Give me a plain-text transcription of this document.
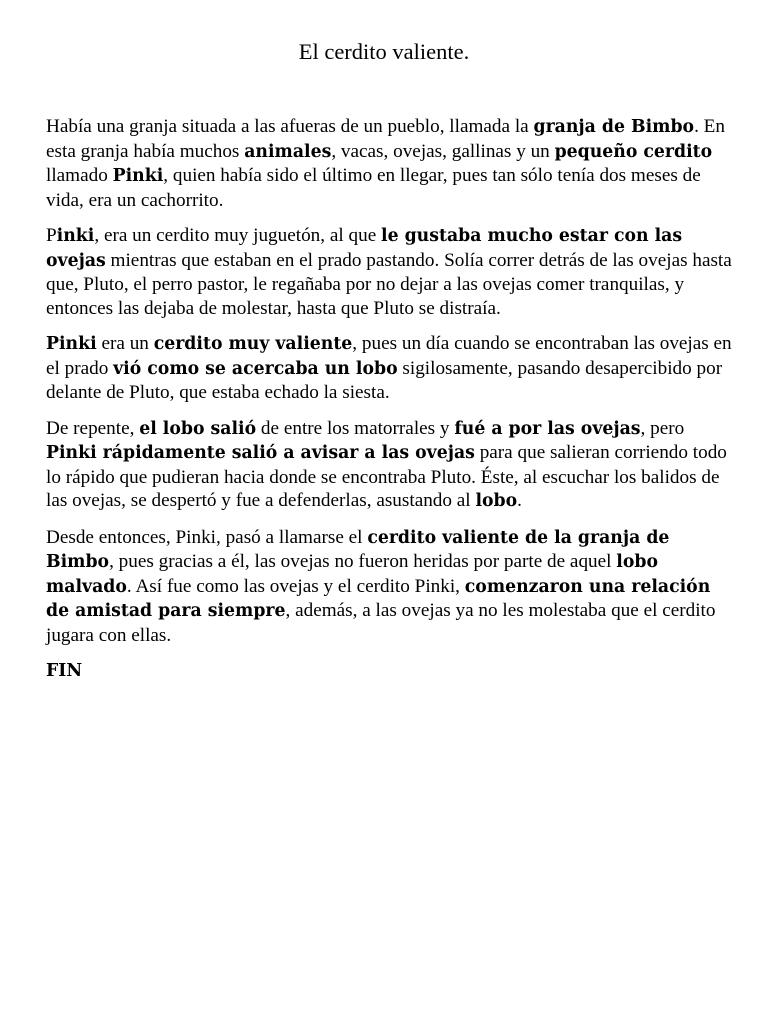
El cerdito valiente.

Había una granja situada a las afueras de un pueblo, llamada la granja de Bimbo. En esta granja había muchos animales, vacas, ovejas, gallinas y un pequeño cerdito llamado Pinki, quien había sido el último en llegar, pues tan sólo tenía dos meses de vida, era un cachorrito.

Pinki, era un cerdito muy juguetón, al que le gustaba mucho estar con las ovejas mientras que estaban en el prado pastando. Solía correr detrás de las ovejas hasta que, Pluto, el perro pastor, le regañaba por no dejar a las ovejas comer tranquilas, y entonces las dejaba de molestar, hasta que Pluto se distraía.

Pinki era un cerdito muy valiente, pues un día cuando se encontraban las ovejas en el prado vió como se acercaba un lobo sigilosamente, pasando desapercibido por delante de Pluto, que estaba echado la siesta.

De repente, el lobo salió de entre los matorrales y fué a por las ovejas, pero Pinki rápidamente salió a avisar a las ovejas para que salieran corriendo todo lo rápido que pudieran hacia donde se encontraba Pluto. Éste, al escuchar los balidos de las ovejas, se despertó y fue a defenderlas, asustando al lobo.

Desde entonces, Pinki, pasó a llamarse el cerdito valiente de la granja de Bimbo, pues gracias a él, las ovejas no fueron heridas por parte de aquel lobo malvado. Así fue como las ovejas y el cerdito Pinki, comenzaron una relación de amistad para siempre, además, a las ovejas ya no les molestaba que el cerdito jugara con ellas.

FIN
